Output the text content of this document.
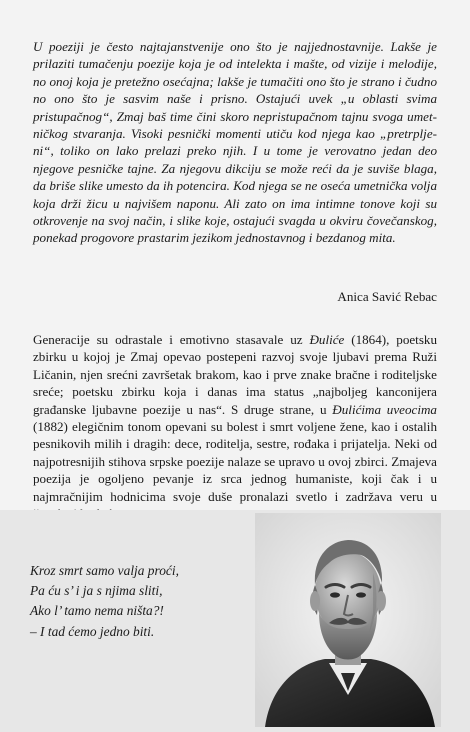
U poeziji je često najtajanstvenije ono što je najjednostavnije. Lakše je prilaziti tumačenju poezije koja je od intelekta i mašte, od vizije i melodije, no onoj koja je pretežno osećajna; lakše je tumačiti ono što je strano i čudno no ono što je sasvim naše i prisno. Ostajući uvek „u oblasti svima pristupačnog“, Zmaj baš time čini skoro nepristupačnom tajnu svoga umet-ničkog stvaranja. Visoki pesnički momenti utiču kod njega kao „pretrplje-ni“, toliko on lako prelazi preko njih. I u tome je verovatno jedan deo njegove pesničke tajne. Za njegovu dikciju se može reći da je suviše blaga, da briše slike umesto da ih potencira. Kod njega se ne oseća umetnička volja koja drži žicu u najvišem naponu. Ali zato on ima intimne tonove koji su otkrovenje na svoj način, i slike koje, ostajući svagda u okviru čovečanskog, ponekad progovore prastarim jezikom jednostavnog i bezdanog mita.
Anica Savić Rebac
Generacije su odrastale i emotivno stasavale uz Đuliće (1864), poetsku zbirku u kojoj je Zmaj opevao postepeni razvoj svoje ljubavi prema Ruži Ličanin, njen srećni završetak brakom, kao i prve znake bračne i roditeljske sreće; poetsku zbirku koja i danas ima status „najboljeg kanconijera građanske ljubavne poezije u nas“. S druge strane, u Đulićima uveocima (1882) elegičnim tonom opevani su bolest i smrt voljene žene, kao i ostalih pesnikovih milih i dragih: dece, roditelja, sestre, rođaka i prijatelja. Neki od najpotresnijih stihova srpske poezije nalaze se upravo u ovoj zbirci. Zmajeva poezija je ogoljeno pevanje iz srca jednog humaniste, koji čak i u najmračnijim hodnicima svoje duše pronalazi svetlo i zadržava veru u
Kroz smrt samo valja proći,
Pa ću s’ i ja s njima sliti,
Ako l’ tamo nema ništa?!
– I tad ćemo jedno biti.
